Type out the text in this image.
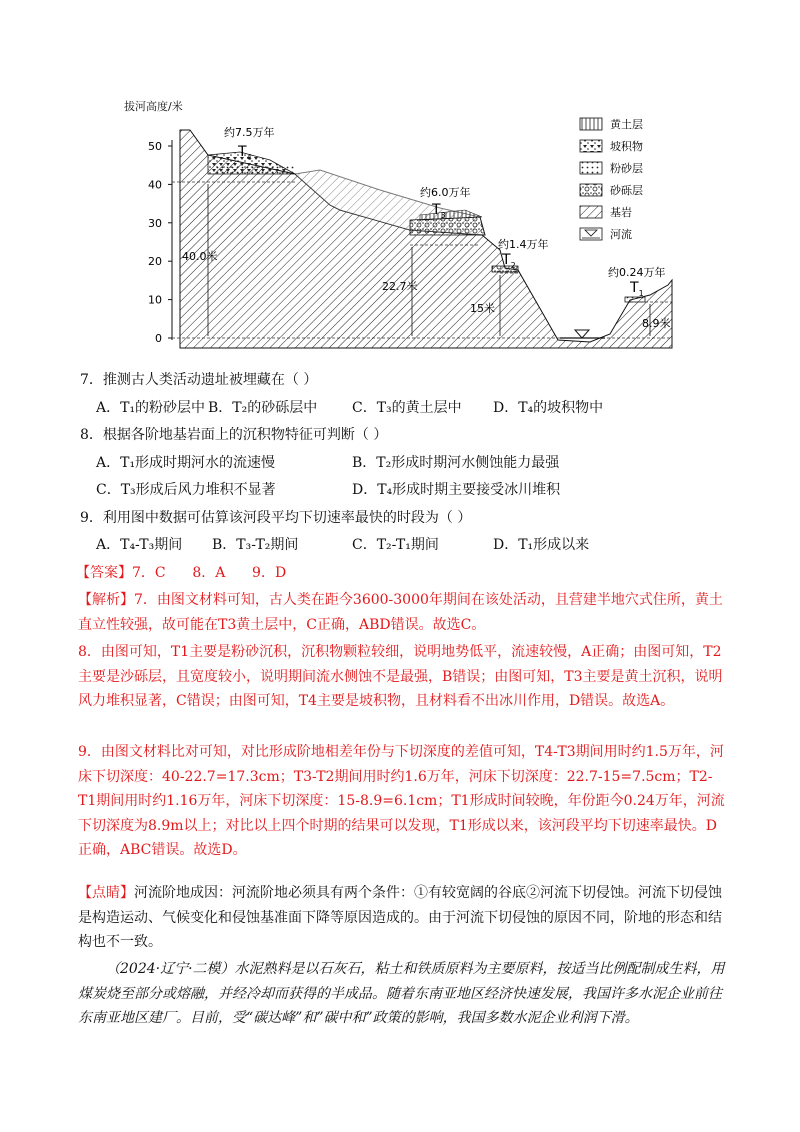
拔河高度/米
50
40
30
20
10
0
40.0米
22.7米
15米
8.9米
约7.5万年
$T_4$
约6.0万年
$T_3$
约1.4万年
$T_2$
约0.24万年
$T_1$
黄土层
坡积物
粉砂层
砂砾层
基岩
河流
7．推测古人类活动遗址被埋藏在（ ）
A．T₁的粉砂层中 B．T₂的砂砾层中 C．T₃的黄土层中 D．T₄的坡积物中
8．根据各阶地基岩面上的沉积物特征可判断（ ）
A．T₁形成时期河水的流速慢	B．T₂形成时期河水侧蚀能力最强
C．T₃形成后风力堆积不显著	D．T₄形成时期主要接受冰川堆积
9．利用图中数据可估算该河段平均下切速率最快的时段为（ ）
A．T₄-T₃期间 B．T₃-T₂期间	C．T₂-T₁期间	D．T₁形成以来
【答案】7．C      8．A      9．D
【解析】7．由图文材料可知，古人类在距今3600-3000年期间在该处活动，且营建半地穴式住所，黄土直立性较强，故可能在T3黄土层中，C正确，ABD错误。故选C。
8．由图可知，T1主要是粉砂沉积，沉积物颗粒较细，说明地势低平，流速较慢，A正确；由图可知，T2主要是沙砾层，且宽度较小，说明期间流水侧蚀不是最强，B错误；由图可知，T3主要是黄土沉积，说明风力堆积显著，C错误；由图可知，T4主要是坡积物，且材料看不出冰川作用，D错误。故选A。
9．由图文材料比对可知，对比形成阶地相差年份与下切深度的差值可知，T4-T3期间用时约1.5万年，河床下切深度：40-22.7=17.3cm；T3-T2期间用时约1.6万年，河床下切深度：22.7-15=7.5cm；T2-T1期间用时约1.16万年，河床下切深度：15-8.9=6.1cm；T1形成时间较晚，年份距今0.24万年，河流下切深度为8.9m以上；对比以上四个时期的结果可以发现，T1形成以来，该河段平均下切速率最快。D正确，ABC错误。故选D。
【点睛】河流阶地成因：河流阶地必须具有两个条件：①有较宽阔的谷底②河流下切侵蚀。河流下切侵蚀是构造运动、气候变化和侵蚀基准面下降等原因造成的。由于河流下切侵蚀的原因不同，阶地的形态和结构也不一致。
（2024·辽宁·二模）水泥熟料是以石灰石，粘土和铁质原料为主要原料，按适当比例配制成生料，用煤炭烧至部分或熔融，并经冷却而获得的半成品。随着东南亚地区经济快速发展，我国许多水泥企业前往东南亚地区建厂。目前，受“碳达峰”和”碳中和”政策的影响，我国多数水泥企业利润下滑。
